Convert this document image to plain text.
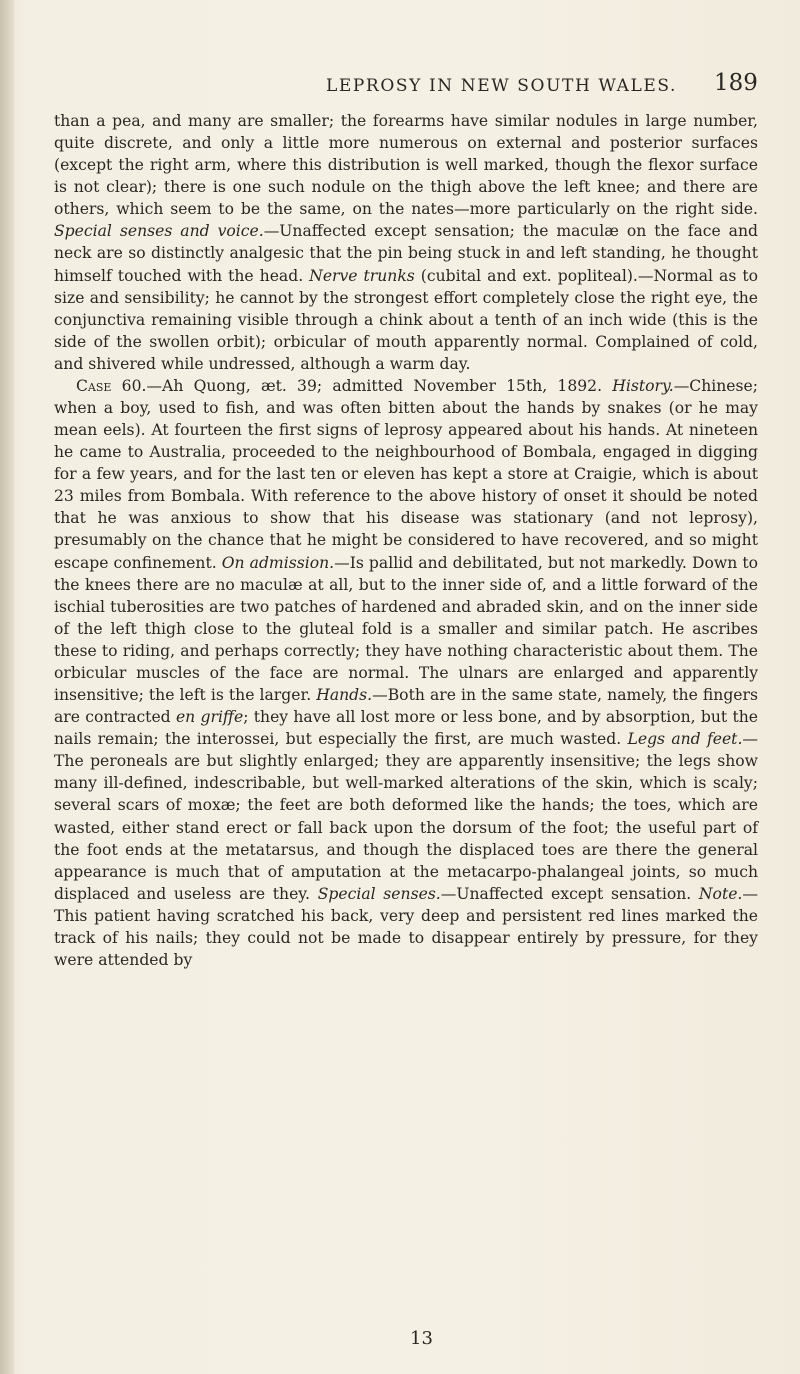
LEPROSY IN NEW SOUTH WALES. 189

than a pea, and many are smaller; the forearms have similar nodules in large number, quite discrete, and only a little more numerous on external and posterior surfaces (except the right arm, where this distribution is well marked, though the flexor surface is not clear); there is one such nodule on the thigh above the left knee; and there are others, which seem to be the same, on the nates—more particularly on the right side. Special senses and voice.—Unaffected except sensation; the maculæ on the face and neck are so distinctly analgesic that the pin being stuck in and left standing, he thought himself touched with the head. Nerve trunks (cubital and ext. popliteal).—Normal as to size and sensibility; he cannot by the strongest effort completely close the right eye, the conjunctiva remaining visible through a chink about a tenth of an inch wide (this is the side of the swollen orbit); orbicular of mouth apparently normal. Complained of cold, and shivered while undressed, although a warm day.

Case 60.—Ah Quong, æt. 39; admitted November 15th, 1892. History.—Chinese; when a boy, used to fish, and was often bitten about the hands by snakes (or he may mean eels). At fourteen the first signs of leprosy appeared about his hands. At nineteen he came to Australia, proceeded to the neighbourhood of Bombala, engaged in digging for a few years, and for the last ten or eleven has kept a store at Craigie, which is about 23 miles from Bombala. With reference to the above history of onset it should be noted that he was anxious to show that his disease was stationary (and not leprosy), presumably on the chance that he might be considered to have recovered, and so might escape confinement. On admission.—Is pallid and debilitated, but not markedly. Down to the knees there are no maculæ at all, but to the inner side of, and a little forward of the ischial tuberosities are two patches of hardened and abraded skin, and on the inner side of the left thigh close to the gluteal fold is a smaller and similar patch. He ascribes these to riding, and perhaps correctly; they have nothing characteristic about them. The orbicular muscles of the face are normal. The ulnars are enlarged and apparently insensitive; the left is the larger. Hands.—Both are in the same state, namely, the fingers are contracted en griffe; they have all lost more or less bone, and by absorption, but the nails remain; the interossei, but especially the first, are much wasted. Legs and feet.—The peroneals are but slightly enlarged; they are apparently insensitive; the legs show many ill-defined, indescribable, but well-marked alterations of the skin, which is scaly; several scars of moxæ; the feet are both deformed like the hands; the toes, which are wasted, either stand erect or fall back upon the dorsum of the foot; the useful part of the foot ends at the metatarsus, and though the displaced toes are there the general appearance is much that of amputation at the metacarpo-phalangeal joints, so much displaced and useless are they. Special senses.—Unaffected except sensation. Note.—This patient having scratched his back, very deep and persistent red lines marked the track of his nails; they could not be made to disappear entirely by pressure, for they were attended by

13
